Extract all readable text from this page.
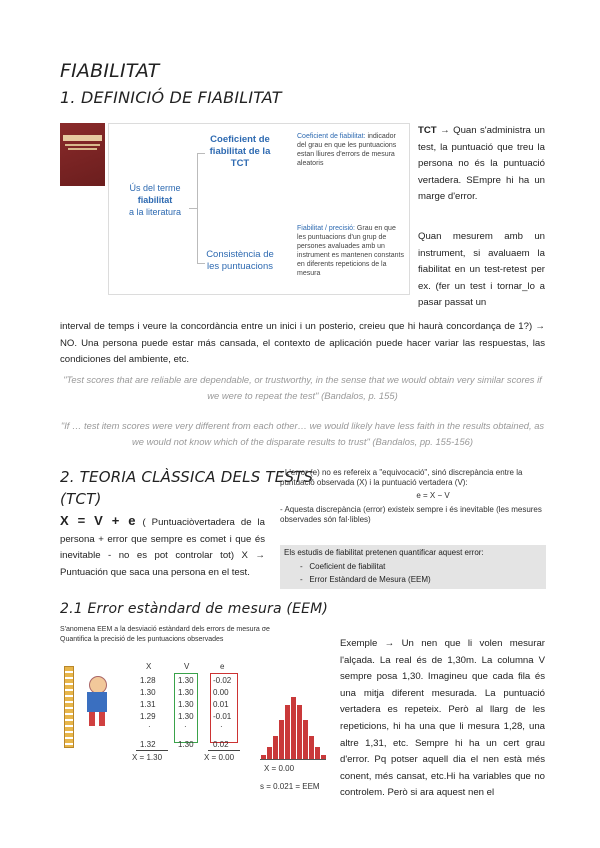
FIABILITAT
1. DEFINICIÓ DE FIABILITAT
Ús del terme
fiabilitat
a la literatura
Coeficient de fiabilitat de la TCT
Coeficient de fiabilitat: indicador del grau en que les puntuacions estan lliures d'errors de mesura aleatoris
Consistència de les puntuacions
Fiabilitat / precisió: Grau en que les puntuacions d'un grup de persones avaluades amb un instrument es mantenen constants en diferents repeticions de la mesura
TCT → Quan s'administra un test, la puntuació que treu la persona no és la puntuació vertadera. SEmpre hi ha un marge d'error.
Quan mesurem amb un instrument, si avaluaem la fiabilitat en un test-retest per ex. (fer un test i tornar_lo a pasar passat un
interval de temps i veure la concordància entre un inici i un posterio, creieu que hi haurà concordança de 1?) → NO. Una persona puede estar más cansada, el contexto de aplicación puede hacer variar las respuestas, las condiciones del ambiente, etc.
"Test scores that are reliable are dependable, or trustworthy, in the sense that we would obtain very similar scores if we were to repeat the test" (Bandalos, p. 155)
"If … test item scores were very different from each other… we would likely have less faith in the results obtained, as we would not know which of the disparate results to trust" (Bandalos, pp. 155-156)
2. TEORIA CLÀSSICA DELS TESTS
(TCT)
X = V + e ( Puntuaciòvertadera de la persona + error que sempre es comet i que és inevitable - no es pot controlar tot) X → Puntuación que saca una persona en el test.
- L'error (e) no es refereix a "equivocació", sinó discrepància entre la puntuació observada (X) i la puntuació vertadera (V):
e = X − V
- Aquesta discrepància (error) existeix sempre i és inevitable (les mesures observades són fal·libles)
Els estudis de fiabilitat pretenen quantificar aquest error:
-   Coeficient de fiabilitat
-   Error Estàndard de Mesura (EEM)
2.1 Error estàndard de mesura (EEM)
S'anomena EEM a la desviació estàndard dels errors de mesura σe
Quantifica la precisió de les puntuacions observades
X	V	e
1.28	1.30 -0.02
1.30	1.30 0.00
1.31	1.30 0.01
1.29	1.30 -0.01
·	·	·
1.32	1.30 0.02
X = 1.30	X = 0.00
X = 0.00
s = 0.021 = EEM
Exemple → Un nen que li volen mesurar l'alçada. La real és de 1,30m. La columna V sempre posa 1,30. Imagineu que cada fila és una mitja diferent mesurada. La puntuació vertadera es repeteix. Però al llarg de les repeticions, hi ha una que li mesura 1,28, una altre 1,31, etc. Sempre hi ha un cert grau d'error. Pq potser aquell dia el nen està més conent, més cansat, etc.Hi ha variables que no controlem. Però si ara aquest nen el
